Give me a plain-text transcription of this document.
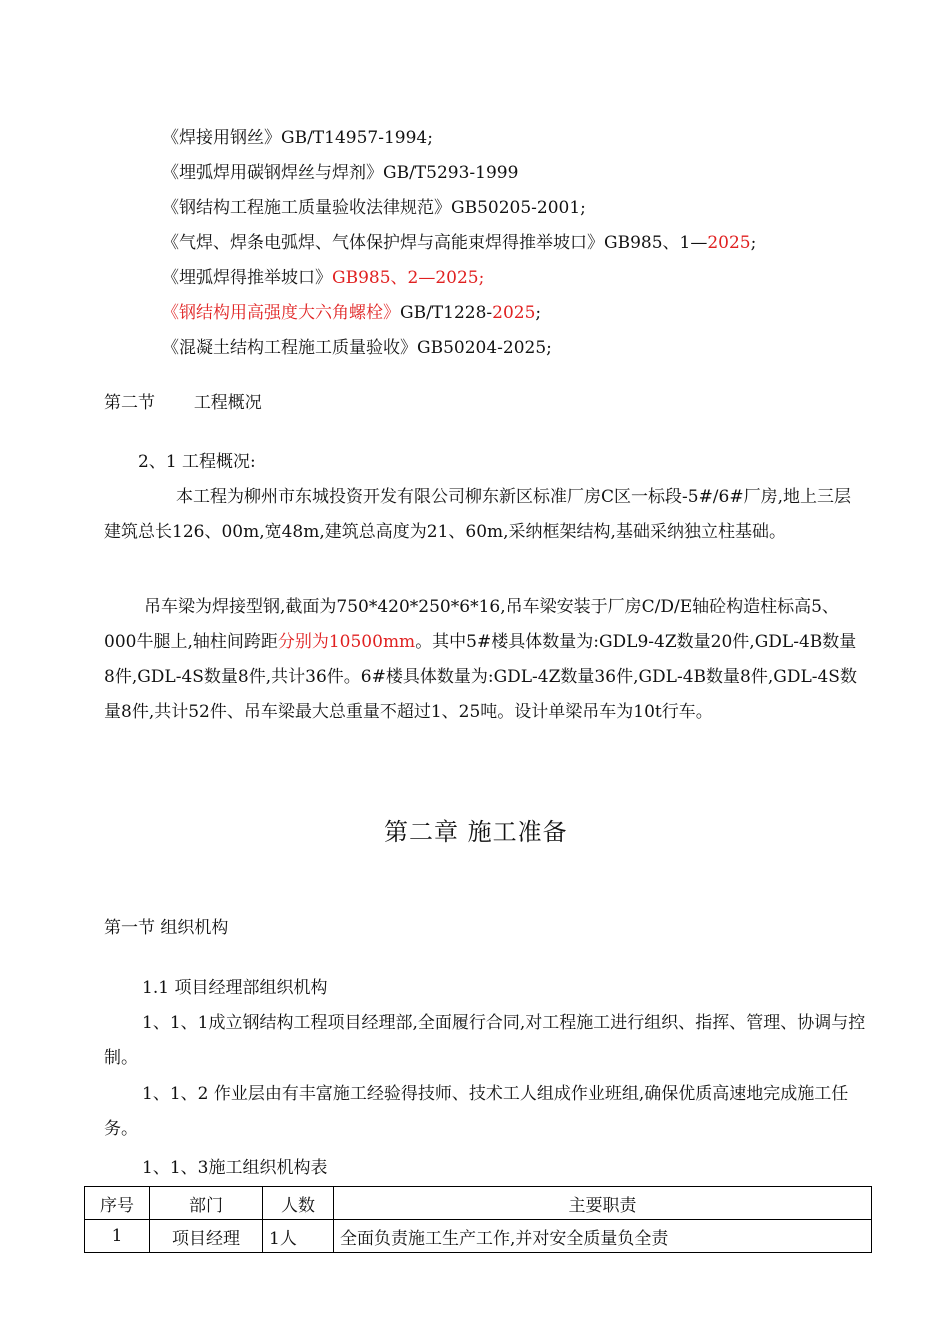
《焊接用钢丝》GB/T14957-1994;
《埋弧焊用碳钢焊丝与焊剂》GB/T5293-1999
《钢结构工程施工质量验收法律规范》GB50205-2001;
《气焊、焊条电弧焊、气体保护焊与高能束焊得推举坡口》GB985、1—2025;
《埋弧焊得推举坡口》GB985、2—2025;
《钢结构用高强度大六角螺栓》GB/T1228-2025;
《混凝土结构工程施工质量验收》GB50204-2025;
第二节 工程概况
2、1 工程概况:
本工程为柳州市东城投资开发有限公司柳东新区标准厂房C区一标段-5#/6#厂房,地上三层建筑总长126、00m,宽48m,建筑总高度为21、60m,采纳框架结构,基础采纳独立柱基础。
吊车梁为焊接型钢,截面为750*420*250*6*16,吊车梁安装于厂房C/D/E轴砼构造柱标高5、000牛腿上,轴柱间跨距分别为10500mm。其中5#楼具体数量为:GDL9-4Z数量20件,GDL-4B数量8件,GDL-4S数量8件,共计36件。6#楼具体数量为:GDL-4Z数量36件,GDL-4B数量8件,GDL-4S数量8件,共计52件、吊车梁最大总重量不超过1、25吨。设计单梁吊车为10t行车。
第二章 施工准备
第一节 组织机构
1.1 项目经理部组织机构
1、1、1成立钢结构工程项目经理部,全面履行合同,对工程施工进行组织、指挥、管理、协调与控制。
1、1、2 作业层由有丰富施工经验得技师、技术工人组成作业班组,确保优质高速地完成施工任务。
1、1、3施工组织机构表
序号	部门	人数	主要职责
1	项目经理	1人	全面负责施工生产工作,并对安全质量负全责
